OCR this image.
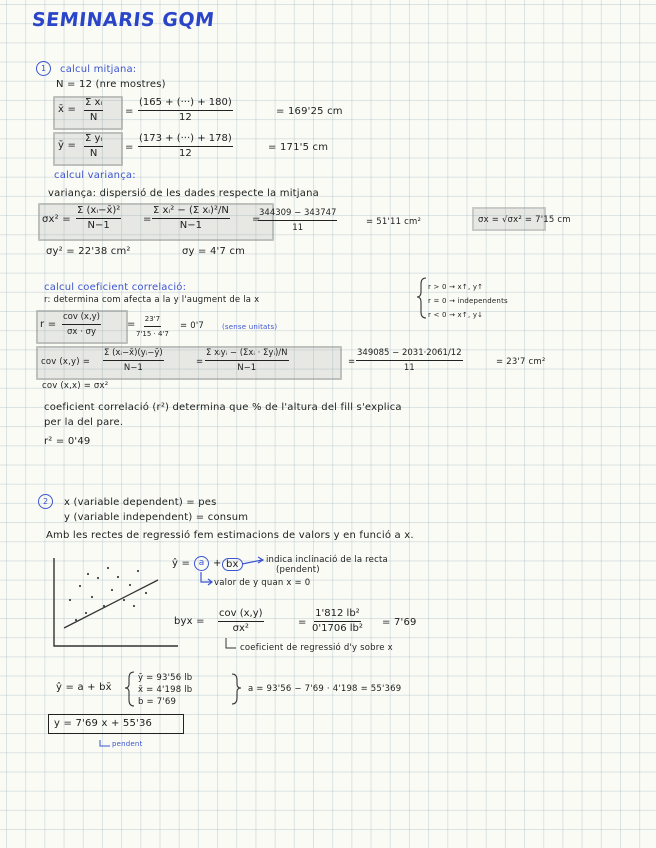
SEMINARIS GQM
1	calcul mitjana:
N = 12 (nre mostres)
x̄ = $\frac{\text{Σ xᵢ}}{N} = \frac{(165 + (\cdot\cdot\cdot) + 180)}{12}$	= 169'25 cm
ȳ = $\frac{\text{Σ yᵢ}}{N} = \frac{(173 + (\cdot\cdot\cdot) + 178)}{12}$	= 171'5 cm
calcul variança:
variança: dispersió de les dades respecte la mitjana
$\sigma x^2 = \frac{\text{Σ (xᵢ−x̄)²}}{N-1} = \frac{\text{Σ xᵢ² − (Σ xᵢ)²/N}}{N-1}$ =
$\frac{344309 - 343747}{11}$	= 51'11 cm²	σx = √σx² = 7'15 cm
σy² = 22'38 cm²	σy = 4'7 cm
calcul coeficient correlació:
r: determina com afecta a la y l'augment de la x
r > 0 → x↑, y↑
r = 0 → independents
r < 0 → x↑, y↓
r =
cov (x,y)
σx · σy
= $\frac{23'7}{7'15 \cdot 4'7} = 0'7$	(sense unitats)
cov $(x,y) = \frac{\text{Σ (xᵢ−x̄)(yᵢ−ȳ)}}{N-1}$	=
Σ xᵢyᵢ − (Σxᵢ · Σyᵢ)/N
N−1
= $\frac{349085 - 2031\cdot 2061/12}{11}$	= 23'7 cm²
cov (x,x) = σx²
coeficient correlació (r²) determina que % de l'altura del fill s'explica
per la del pare.
r² = 0'49
2	x (variable dependent) = pes
y (variable independent) = consum
Amb les rectes de regressió fem estimacions de valors y en funció a x.
ŷ = a + bx	indica inclinació de la recta
(pendent)
valor de y quan x = 0
byx =
cov (x,y)
σx²
= $\frac{\text{1'812 lb²}}{\text{0'1706 lb²}} = 7'69$
coeficient de regressió d'y sobre x
ŷ = a + bx̄
ȳ = 93'56 lb
x̄ = 4'198 lb
b = 7'69
a = 93'56 − 7'69 · 4'198 = 55'369
y = 7'69 x + 55'36
pendent
